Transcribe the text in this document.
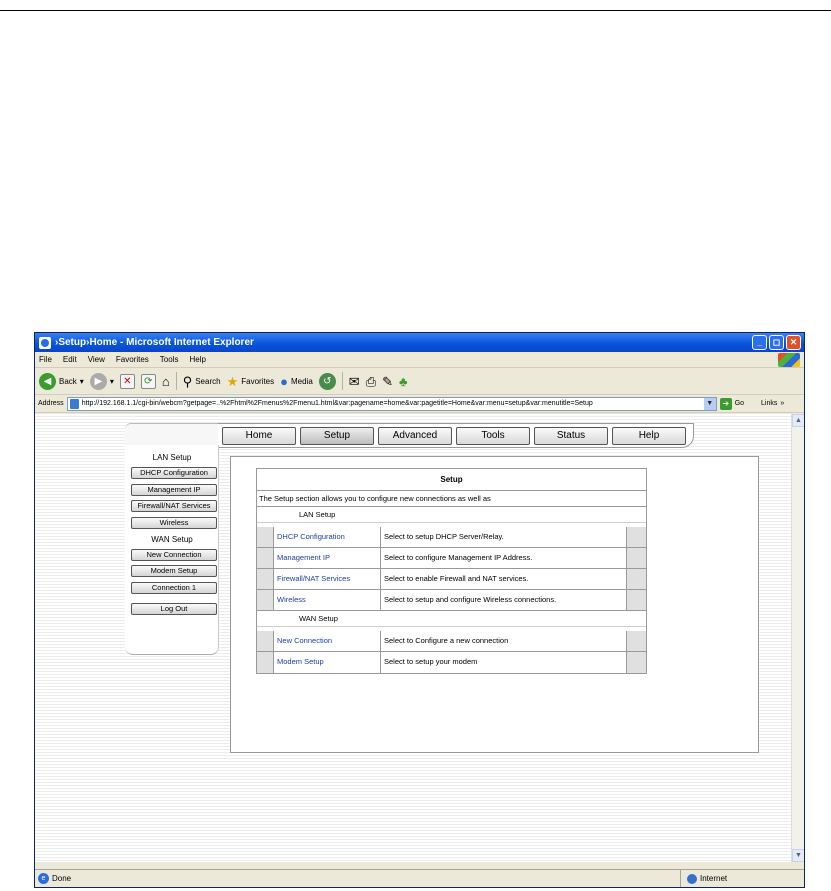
›Setup›Home - Microsoft Internet Explorer	_	◻	✕
File Edit View Favorites Tools Help
◀ Back ▾	▶ ▾ ✕	⟳ ⌂ ⚲ Search ★ Favorites ● Media	↺	✉ ⎙ ✎ ♣
Address	http://192.168.1.1/cgi-bin/webcm?getpage=..%2Fhtml%2Fmenus%2Fmenu1.html&var:pagename=home&var:pagetitle=Home&var:menu=setup&var:menutitle=Setup	▼	➔ Go Links »
Home	Setup	Advanced	Tools	Status	Help
LAN Setup
DHCP Configuration
Management IP
Firewall/NAT Services
Wireless
WAN Setup
New Connection
Modem Setup
Connection 1
Log Out
Setup
The Setup section allows you to configure new connections as well as
LAN Setup
DHCP Configuration	Select to setup DHCP Server/Relay.
Management IP	Select to configure Management IP Address.
Firewall/NAT Services	Select to enable Firewall and NAT services.
Wireless	Select to setup and configure Wireless connections.
WAN Setup
New Connection	Select to Configure a new connection
Modem Setup	Select to setup your modem
▲
▼
e Done	Internet
